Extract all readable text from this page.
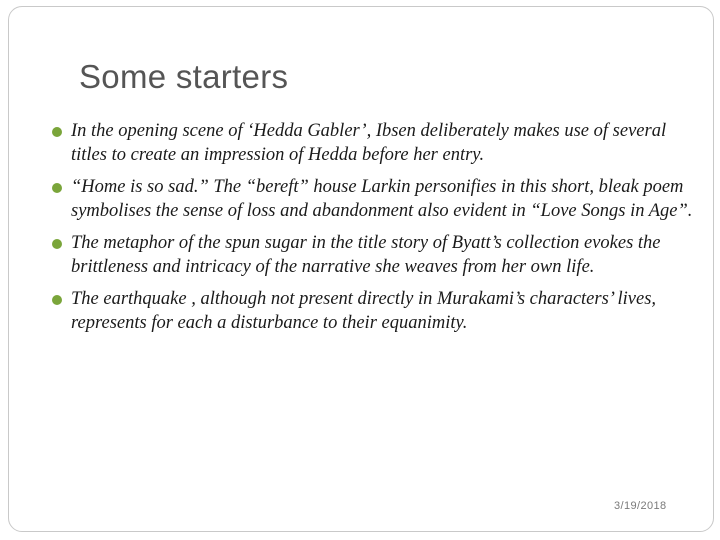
Some starters
In the opening scene of ‘Hedda Gabler’, Ibsen deliberately makes use of several titles to create an impression of Hedda before her entry.
“Home is so sad.” The “bereft” house Larkin personifies in this short, bleak poem symbolises the sense of loss and abandonment also evident in “Love Songs in Age”.
The metaphor of the spun sugar in the title story of Byatt’s collection evokes the brittleness and intricacy of the narrative she weaves from her own life.
The earthquake , although not present directly in Murakami’s characters’ lives, represents for each a disturbance to their equanimity.
3/19/2018
